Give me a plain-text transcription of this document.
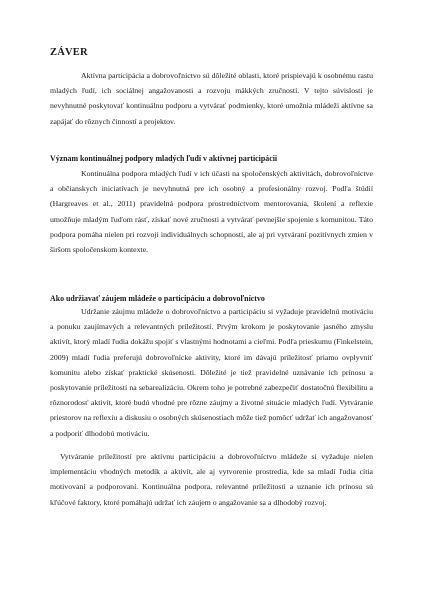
ZÁVER

Aktívna participácia a dobrovoľníctvo sú dôležité oblasti, ktoré prispievajú k osobnému rastu mladých ľudí, ich sociálnej angažovanosti a rozvoju mäkkých zručností. V tejto súvislosti je nevyhnutné poskytovať kontinuálnu podporu a vytvárať podmienky, ktoré umožnia mládeži aktívne sa zapájať do rôznych činností a projektov.

Význam kontinuálnej podpory mladých ľudí v aktívnej participácii

Kontinuálna podpora mladých ľudí v ich účasti na spoločenských aktivitách, dobrovoľníctve a občianskych iniciatívach je nevyhnutná pre ich osobný a profesionálny rozvoj. Podľa štúdií (Hargreaves et al., 2011) pravidelná podpora prostredníctvom mentorovania, školení a reflexie umožňuje mladým ľuďom rásť, získať nové zručnosti a vytvárať pevnejšie spojenie s komunitou. Táto podpora pomáha nielen pri rozvoji individuálnych schopností, ale aj pri vytváraní pozitívnych zmien v širšom spoločenskom kontexte.

Ako udržiavať záujem mládeže o participáciu a dobrovoľníctvo

Udržanie záujmu mládeže o dobrovoľníctvo a participáciu si vyžaduje pravidelnú motiváciu a ponuku zaujímavých a relevantných príležitostí. Prvým krokom je poskytovanie jasného zmyslu aktivít, ktorý mladí ľudia dokážu spojiť s vlastnými hodnotami a cieľmi. Podľa prieskumu (Finkelstein, 2009) mladí ľudia preferujú dobrovoľnícke aktivity, ktoré im dávajú príležitosť priamo ovplyvniť komunitu alebo získať praktické skúsenosti. Dôležité je tiež pravidelné uznávanie ich prínosu a poskytovanie príležitostí na sebarealizáciu. Okrem toho je potrebné zabezpečiť dostatočnú flexibilitu a rôznorodosť aktivít, ktoré budú vhodné pre rôzne záujmy a životné situácie mladých ľudí. Vytváranie priestorov na reflexiu a diskusiu o osobných skúsenostiach môže tiež pomôcť udržať ich angažovanosť a podporiť dlhodobú motiváciu.

Vytváranie príležitostí pre aktívnu participáciu a dobrovoľníctvo mládeže si vyžaduje nielen implementáciu vhodných metodík a aktivít, ale aj vytvorenie prostredia, kde sa mladí ľudia cítia motivovaní a podporovaní. Kontinuálna podpora, relevantné príležitosti a uznanie ich prínosu sú kľúčové faktory, ktoré pomáhajú udržať ich záujem o angažovanie sa a dlhodobý rozvoj.
